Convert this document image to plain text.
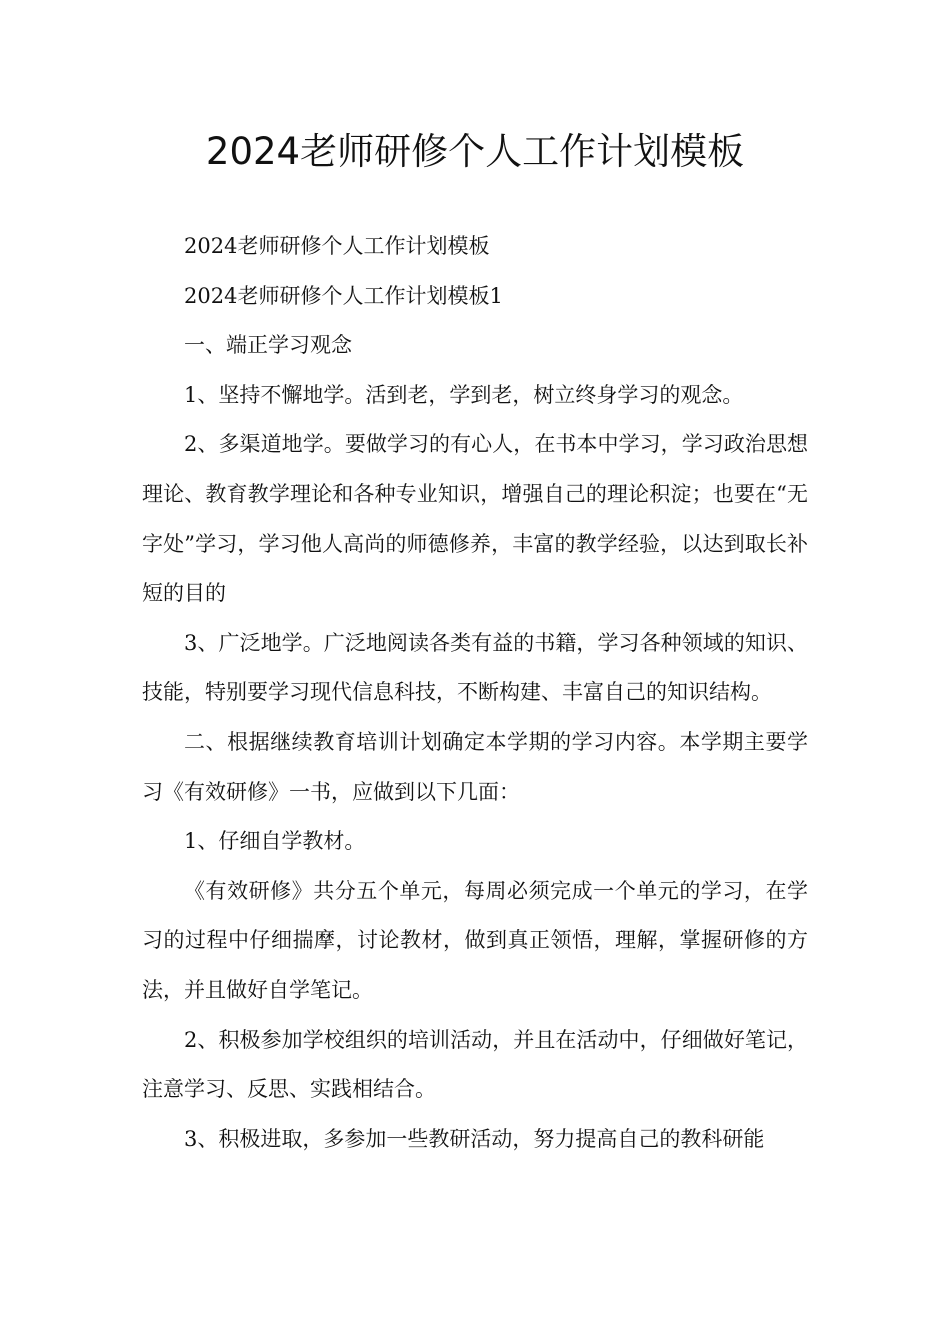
2024老师研修个人工作计划模板

2024老师研修个人工作计划模板

2024老师研修个人工作计划模板1

一、端正学习观念

1、坚持不懈地学。活到老，学到老，树立终身学习的观念。

2、多渠道地学。要做学习的有心人，在书本中学习，学习政治思想理论、教育教学理论和各种专业知识，增强自己的理论积淀；也要在“无字处”学习，学习他人高尚的师德修养，丰富的教学经验，以达到取长补短的目的

3、广泛地学。广泛地阅读各类有益的书籍，学习各种领域的知识、技能，特别要学习现代信息科技，不断构建、丰富自己的知识结构。

二、根据继续教育培训计划确定本学期的学习内容。本学期主要学习《有效研修》一书，应做到以下几面：

1、仔细自学教材。

《有效研修》共分五个单元，每周必须完成一个单元的学习，在学习的过程中仔细揣摩，讨论教材，做到真正领悟，理解，掌握研修的方法，并且做好自学笔记。

2、积极参加学校组织的培训活动，并且在活动中，仔细做好笔记，注意学习、反思、实践相结合。

3、积极进取，多参加一些教研活动，努力提高自己的教科研能
